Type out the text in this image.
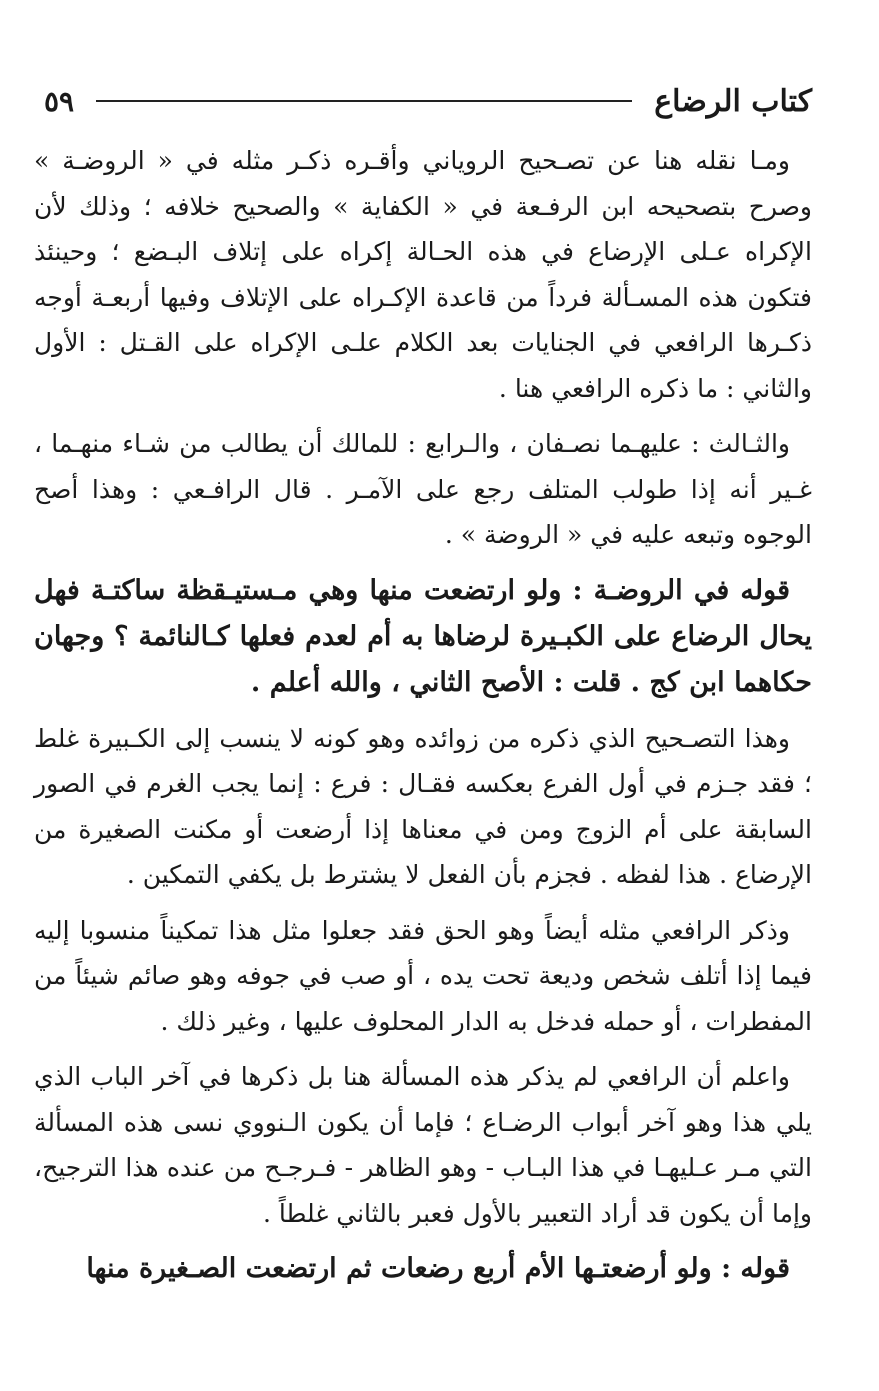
كتاب الرضاع
٥٩

ومـا نقله هنا عن تصـحيح الروياني وأقـره ذكـر مثله في « الروضـة » وصرح بتصحيحه ابن الرفـعة في « الكفاية » والصحيح خلافه ؛ وذلك لأن الإكراه عـلى الإرضاع في هذه الحـالة إكراه على إتلاف البـضع ؛ وحينئذ فتكون هذه المسـألة فرداً من قاعدة الإكـراه على الإتلاف وفيها أربعـة أوجه ذكـرها الرافعي في الجنايات بعد الكلام علـى الإكراه على القـتل : الأول والثاني : ما ذكره الرافعي هنا .

والثـالث : عليهـما نصـفان ، والـرابع : للمالك أن يطالب من شـاء منهـما ، غـير أنه إذا طولب المتلف رجع على الآمـر . قال الرافـعي : وهذا أصح الوجوه وتبعه عليه في « الروضة » .

قوله في الروضـة : ولو ارتضعت منها وهي مـستيـقظة ساكتـة فهل يحال الرضاع على الكبـيرة لرضاها به أم لعدم فعلها كـالنائمة ؟ وجهان حكاهما ابن كج . قلت : الأصح الثاني ، والله أعلم .

وهذا التصـحيح الذي ذكره من زوائده وهو كونه لا ينسب إلى الكـبيرة غلط ؛ فقد جـزم في أول الفرع بعكسه فقـال : فرع : إنما يجب الغرم في الصور السابقة على أم الزوج ومن في معناها إذا أرضعت أو مكنت الصغيرة من الإرضاع . هذا لفظه . فجزم بأن الفعل لا يشترط بل يكفي التمكين .

وذكر الرافعي مثله أيضاً وهو الحق فقد جعلوا مثل هذا تمكيناً منسوبا إليه فيما إذا أتلف شخص وديعة تحت يده ، أو صب في جوفه وهو صائم شيئاً من المفطرات ، أو حمله فدخل به الدار المحلوف عليها ، وغير ذلك .

واعلم أن الرافعي لم يذكر هذه المسألة هنا بل ذكرها في آخر الباب الذي يلي هذا وهو آخر أبواب الرضـاع ؛ فإما أن يكون الـنووي نسى هذه المسألة التي مـر عـليهـا في هذا البـاب - وهو الظاهر - فـرجـح من عنده هذا الترجيح، وإما أن يكون قد أراد التعبير بالأول فعبر بالثاني غلطاً .

قوله : ولو أرضعتـها الأم أربع رضعات ثم ارتضعت الصـغيرة منها
